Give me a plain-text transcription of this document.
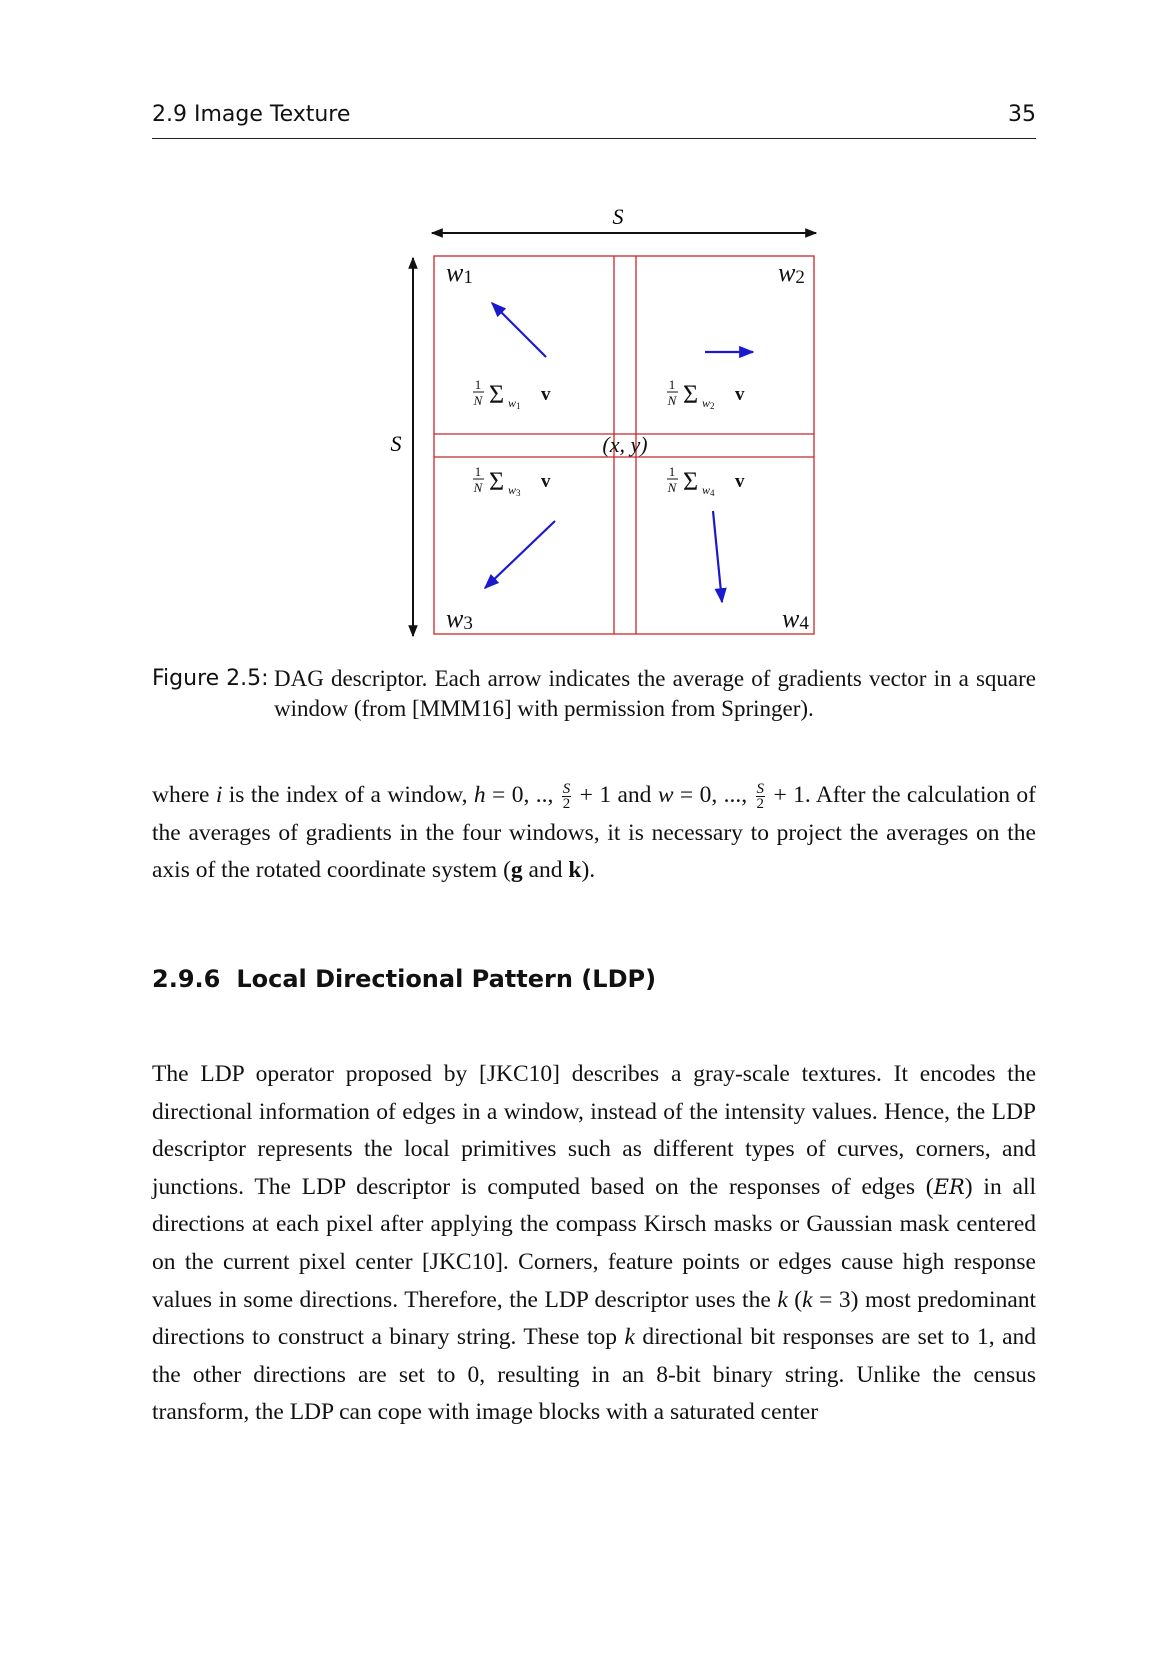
2.9 Image Texture	35
S
S
w1	w2
w3	w4
1
N Σ w1
v	1
N Σ w2
v
1
N Σ w3
v	1
N Σ w4
v
(x, y)
Figure 2.5: DAG descriptor. Each arrow indicates the average of gradients vector in a square window (from [MMM16] with permission from Springer).
where i is the index of a window, h = 0, .., $\frac{S}{2} + 1$ and w = 0, ..., $\frac{S}{2} + 1$. After the calculation of the averages of gradients in the four windows, it is necessary to project the averages on the axis of the rotated coordinate system (g and k).
2.9.6 Local Directional Pattern (LDP)
The LDP operator proposed by [JKC10] describes a gray-scale textures. It encodes the directional information of edges in a window, instead of the intensity values. Hence, the LDP descriptor represents the local primitives such as different types of curves, corners, and junctions. The LDP descriptor is computed based on the responses of edges (ER) in all directions at each pixel after applying the compass Kirsch masks or Gaussian mask centered on the current pixel center [JKC10]. Corners, feature points or edges cause high response values in some directions. Therefore, the LDP descriptor uses the k (k = 3) most predominant directions to construct a binary string. These top k directional bit responses are set to 1, and the other directions are set to 0, resulting in an 8-bit binary string. Unlike the census transform, the LDP can cope with image blocks with a saturated center
